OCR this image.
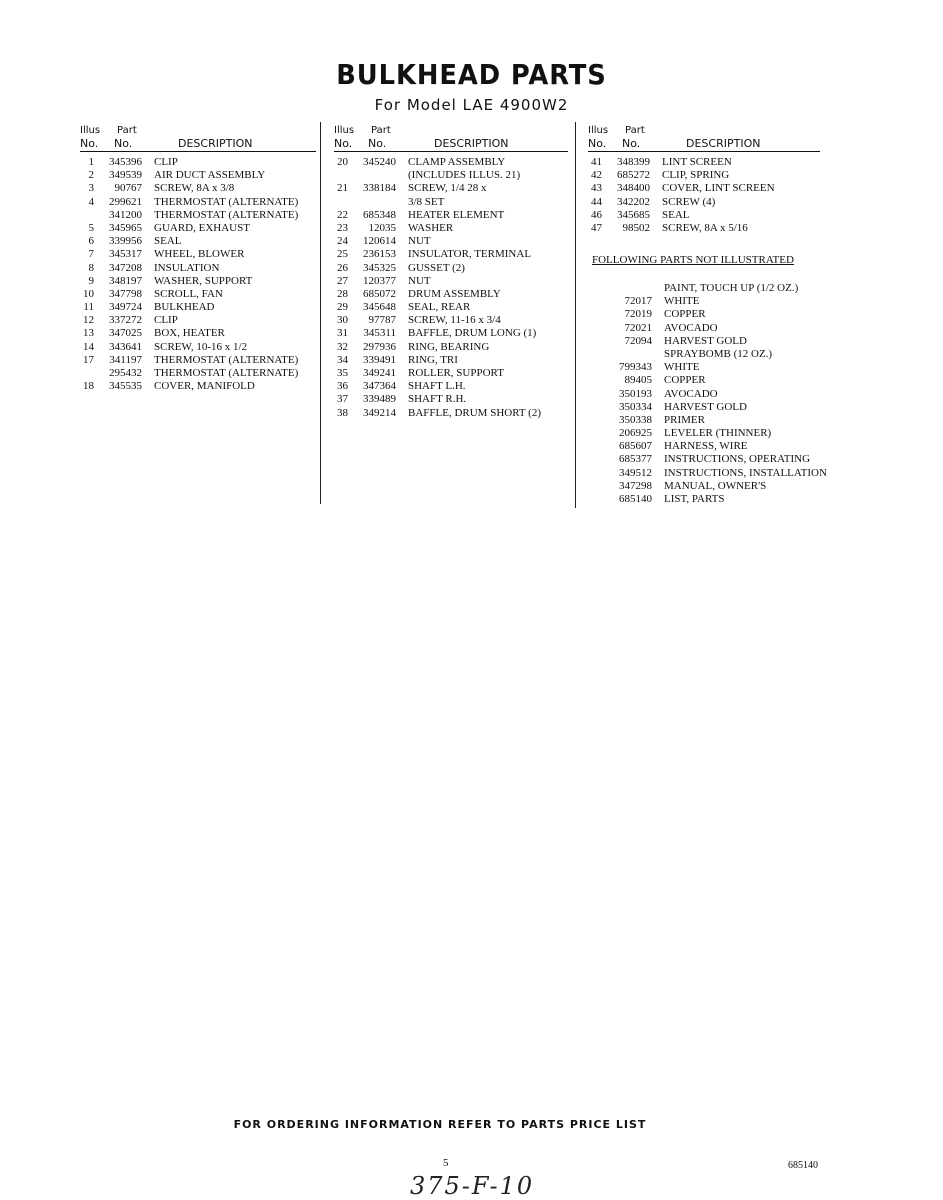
BULKHEAD PARTS
For Model LAE 4900W2
Illus Part
No. No.	DESCRIPTION
1	345396 CLIP
2	349539 AIR DUCT ASSEMBLY
3	90767 SCREW, 8A x 3/8
4	299621 THERMOSTAT (ALTERNATE)
341200 THERMOSTAT (ALTERNATE)
5	345965 GUARD, EXHAUST
6	339956 SEAL
7	345317 WHEEL, BLOWER
8	347208 INSULATION
9	348197 WASHER, SUPPORT
10	347798 SCROLL, FAN
11	349724 BULKHEAD
12	337272 CLIP
13	347025 BOX, HEATER
14	343641 SCREW, 10-16 x 1/2
17	341197 THERMOSTAT (ALTERNATE)
295432 THERMOSTAT (ALTERNATE)
18	345535 COVER, MANIFOLD
Illus Part
No. No.	DESCRIPTION
20	345240 CLAMP ASSEMBLY
(INCLUDES ILLUS. 21)
21	338184 SCREW, 1/4 28 x
3/8 SET
22	685348 HEATER ELEMENT
23	12035 WASHER
24	120614 NUT
25	236153 INSULATOR, TERMINAL
26	345325 GUSSET (2)
27	120377 NUT
28	685072 DRUM ASSEMBLY
29	345648 SEAL, REAR
30	97787 SCREW, 11-16 x 3/4
31	345311 BAFFLE, DRUM LONG (1)
32	297936 RING, BEARING
34	339491 RING, TRI
35	349241 ROLLER, SUPPORT
36	347364 SHAFT L.H.
37	339489 SHAFT R.H.
38	349214 BAFFLE, DRUM SHORT (2)
Illus Part
No. No.	DESCRIPTION
41	348399 LINT SCREEN
42	685272 CLIP, SPRING
43	348400 COVER, LINT SCREEN
44	342202 SCREW (4)
46	345685 SEAL
47	98502 SCREW, 8A x 5/16
FOLLOWING PARTS NOT ILLUSTRATED
PAINT, TOUCH UP (1/2 OZ.)
72017 WHITE
72019 COPPER
72021 AVOCADO
72094 HARVEST GOLD
SPRAYBOMB (12 OZ.)
799343 WHITE
89405 COPPER
350193 AVOCADO
350334 HARVEST GOLD
350338 PRIMER
206925 LEVELER (THINNER)
685607 HARNESS, WIRE
685377 INSTRUCTIONS, OPERATING
349512 INSTRUCTIONS, INSTALLATION
347298 MANUAL, OWNER'S
685140 LIST, PARTS
FOR ORDERING INFORMATION REFER TO PARTS PRICE LIST
5	685140
375-F-10
